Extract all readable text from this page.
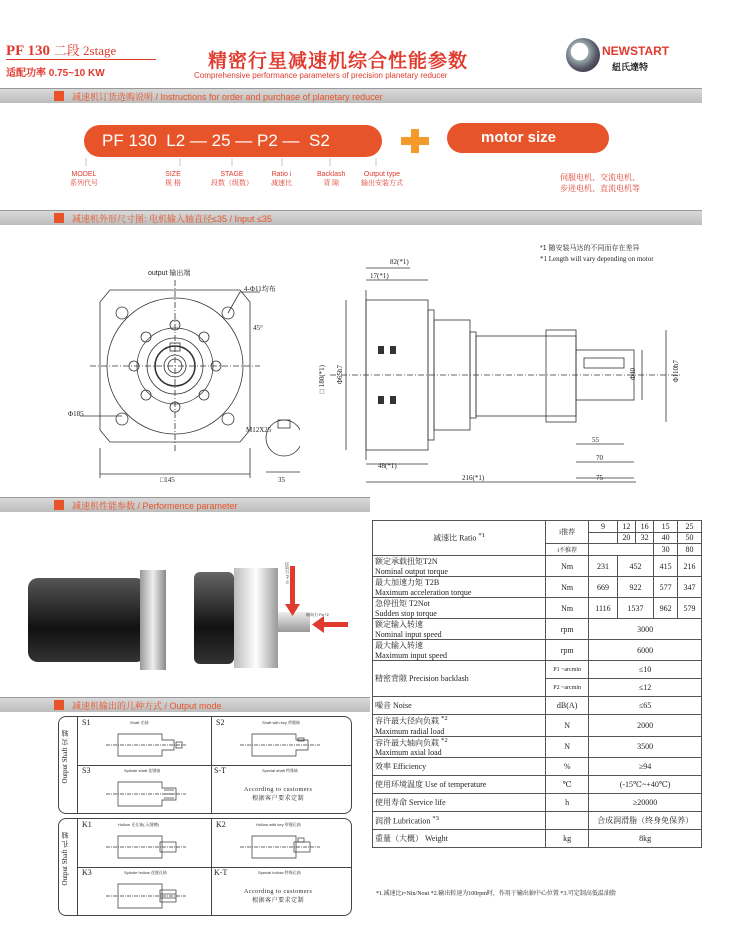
PF 130 二段 2stage
适配功率 0.75~10 KW
精密行星减速机综合性能参数
Comprehensive performance parameters of precision planetary reducer
NEWSTART
紐氏達特
减速机订货选购说明 / Instructions for order and purchase of planetary reducer
PF 130 L2 — 25 — P2 —  S2	motor size
MODEL
系列代号
SIZE
规 格
STAGE
段数（级数）
Ratio i
减速比
Backlash
背 隙
Output type
输出安装方式
伺服电机、交流电机、
步进电机、直流电机等
减速机外形尺寸图: 电机输入轴直径≤35 / Input ≤35
*1 随安装马达的不同而存在差异
*1 Length will vary depending on motor
output 输出端
4-Φ11均布
45°
Φ185
□145
M12X25
35
82(*1)
17(*1)
□180(*1) Φ65h7
48(*1)
216(*1)
Φ40	Φ110h7
55
70
75
减速机性能参数 / Performence parameter
径向力 Fr *2
轴向力 Fa *2
减速比 Ratio $^{*1}$	i推荐	9	12	16	15	25
			20	32	40	50
	i不推荐				30	80
额定承载扭矩T2N
Nominal output torque	Nm	231	452		415	216
最大加速力矩 T2B
Maximum acceleration torque	Nm	669	922		577	347
急停扭矩 T2Not
Sudden stop torque	Nm	1116	1537		962	579
额定输入转速
Nominal input speed	rpm	3000				
最大输入转速
Maximum input speed	rpm	6000				
精密背隙 Precision backlash	P1 ~arcmin	≤10				
	P2 ~arcmin	≤12				
噪音 Noise	dB(A)	≤65				
容许最大径向负载 $^{*2}$
Maximum radial load	N	2000				
容许最大轴向负载 $^{*2}$
Maximum axial load	N	3500				
效率 Efficiency	%	≥94				
使用环境温度 Use of temperature	℃	(-15℃~+40℃)				
使用寿命 Service life	h	≥20000				
润滑 Lubrication $^{*3}$		合成润滑脂（终身免保养）				
重量（大概） Weight	kg	8kg				
*1.减速比i=Nin/Nout *2.输出转速为100rpm时，作用于输出轴中心位置 *3.可定制高低温油脂
减速机输出的几种方式 / Output mode
Output Shaft 实 轴
Output Shaft 孔 轴
S1	Shaft 光轴	S2	Shaft with key 带键轴
S3	Splinde shaft 花键轴	S-T	Special shaft 特殊轴
K1	Hollow 光孔轴(-无键槽)	K2	Hollow with key 带键孔轴
K3	Splinde hollow 花键孔轴	K-T	Special hollow 特殊孔轴
According to customers
根据客户要求定制
According to customers
根据客户要求定制
